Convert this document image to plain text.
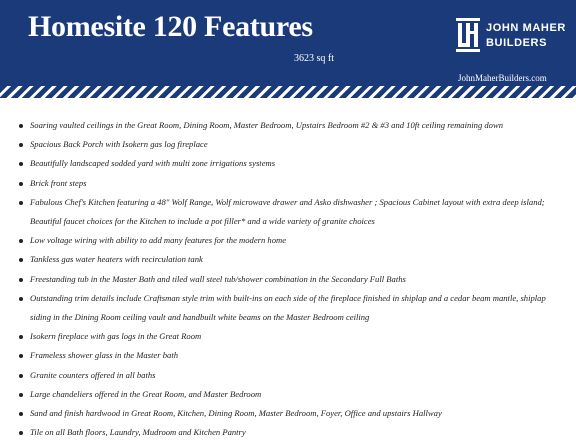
Homesite 120 Features
3623 sq ft
JOHN MAHER
BUILDERS
JohnMaherBuilders.com
Soaring vaulted ceilings in the Great Room, Dining Room, Master Bedroom, Upstairs Bedroom #2 & #3 and 10ft ceiling remaining down
Spacious Back Porch with Isokern gas log fireplace
Beautifully landscaped sodded yard with multi zone irrigations systems
Brick front steps
Fabulous Chef's Kitchen featuring a 48" Wolf Range, Wolf microwave drawer and Asko dishwasher ; Spacious Cabinet layout with extra deep island; Beautiful faucet choices for the Kitchen to include a pot filler* and a wide variety of granite choices
Low voltage wiring with ability to add many features for the modern home
Tankless gas water heaters with recirculation tank
Freestanding tub in the Master Bath and tiled wall steel tub/shower combination in the Secondary Full Baths
Outstanding trim details include Craftsman style trim with built-ins on each side of the fireplace finished in shiplap and a cedar beam mantle, shiplap siding in the Dining Room ceiling vault and handbuilt white beams on the Master Bedroom ceiling
Isokern fireplace with gas logs in the Great Room
Frameless shower glass in the Master bath
Granite counters offered in all baths
Large chandeliers offered in the Great Room, and Master Bedroom
Sand and finish hardwood in Great Room, Kitchen, Dining Room, Master Bedroom, Foyer, Office and upstairs Hallway
Tile on all Bath floors, Laundry, Mudroom and Kitchen Pantry
